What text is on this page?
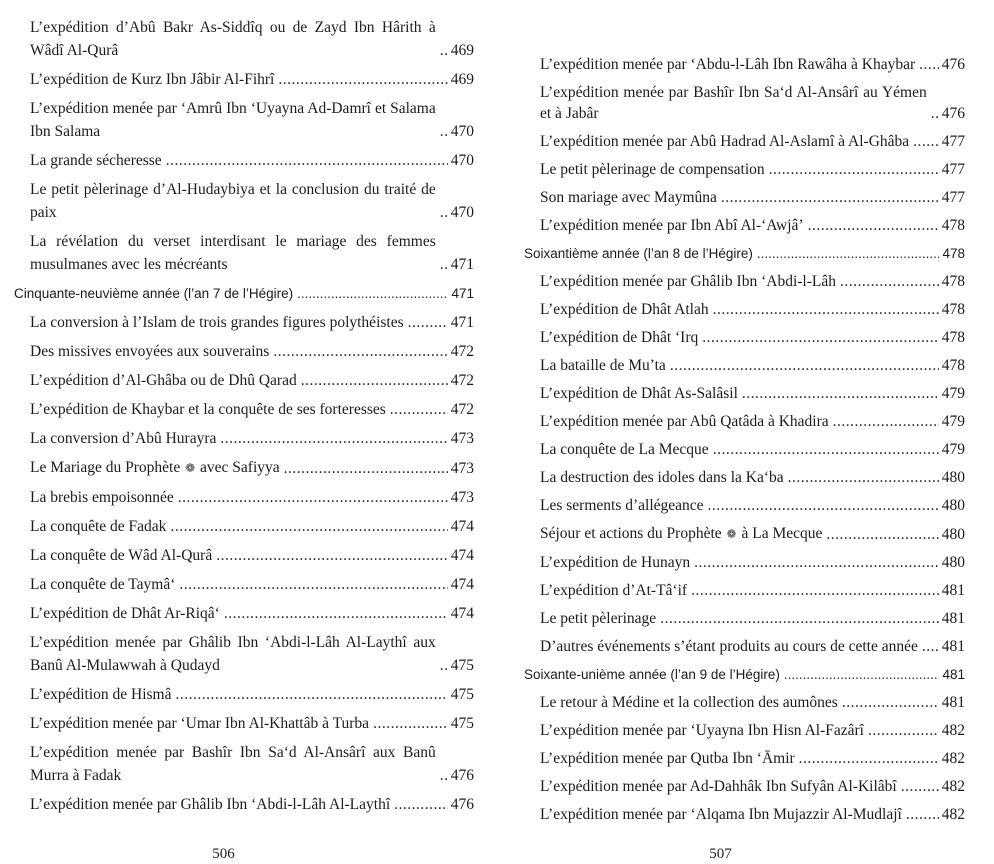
L’expédition d’Abû Bakr As-Siddîq ou de Zayd Ibn Hârith à Wâdî Al-Qurâ .....	469
L’expédition de Kurz Ibn Jâbir Al-Fihrî .....	469
L’expédition menée par ‘Amrû Ibn ‘Uyayna Ad-Damrî et Salama Ibn Salama .....	470
La grande sécheresse .....	470
Le petit pèlerinage d’Al-Hudaybiya et la conclusion du traité de paix .....	470
La révélation du verset interdisant le mariage des femmes musulmanes avec les mécréants .....	471
Cinquante-neuvième année (l’an 7 de l’Hégire) .....	471
La conversion à l’Islam de trois grandes figures polythéistes .....	471
Des missives envoyées aux souverains .....	472
L’expédition d’Al-Ghâba ou de Dhû Qarad .....	472
L’expédition de Khaybar et la conquête de ses forteresses .....	472
La conversion d’Abû Hurayra .....	473
Le Mariage du Prophète ❁ avec Safiyya .....	473
La brebis empoisonnée .....	473
La conquête de Fadak .....	474
La conquête de Wâd Al-Qurâ .....	474
La conquête de Taymâ‘ .....	474
L’expédition de Dhât Ar-Riqâ‘ .....	474
L’expédition menée par Ghâlib Ibn ‘Abdi-l-Lâh Al-Laythî aux Banû Al-Mulawwah à Qudayd .....	475
L’expédition de Hismâ .....	475
L’expédition menée par ‘Umar Ibn Al-Khattâb à Turba .....	475
L’expédition menée par Bashîr Ibn Sa‘d Al-Ansârî aux Banû Murra à Fadak .....	476
L’expédition menée par Ghâlib Ibn ‘Abdi-l-Lâh Al-Laythî .....	476
506
L’expédition menée par ‘Abdu-l-Lâh Ibn Rawâha à Khaybar ..... 476
L’expédition menée par Bashîr Ibn Sa‘d Al-Ansârî au Yémen et à Jabâr .....	476
L’expédition menée par Abû Hadrad Al-Aslamî à Al-Ghâba ..... 477
Le petit pèlerinage de compensation .....	477
Son mariage avec Maymûna .....	477
L’expédition menée par Ibn Abî Al-‘Awjâ’ .....	478
Soixantième année (l’an 8 de l’Hégire) .....	478
L’expédition menée par Ghâlib Ibn ‘Abdi-l-Lâh .....	478
L’expédition de Dhât Atlah .....	478
L’expédition de Dhât ‘Irq .....	478
La bataille de Mu’ta .....	478
L’expédition de Dhât As-Salâsil .....	479
L’expédition menée par Abû Qatâda à Khadira .....	479
La conquête de La Mecque .....	479
La destruction des idoles dans la Ka‘ba .....	480
Les serments d’allégeance .....	480
Séjour et actions du Prophète ❁ à La Mecque .....	480
L’expédition de Hunayn .....	480
L’expédition d’At-Tâ‘if .....	481
Le petit pèlerinage .....	481
D’autres événements s’étant produits au cours de cette année ..... 481
Soixante-unième année (l’an 9 de l’Hégire) .....	481
Le retour à Médine et la collection des aumônes .....	481
L’expédition menée par ‘Uyayna Ibn Hisn Al-Fazârî .....	482
L’expédition menée par Qutba Ibn ‘Āmir .....	482
L’expédition menée par Ad-Dahhâk Ibn Sufyân Al-Kilâbî .....	482
L’expédition menée par ‘Alqama Ibn Mujazzir Al-Mudlajî .....	482
507
